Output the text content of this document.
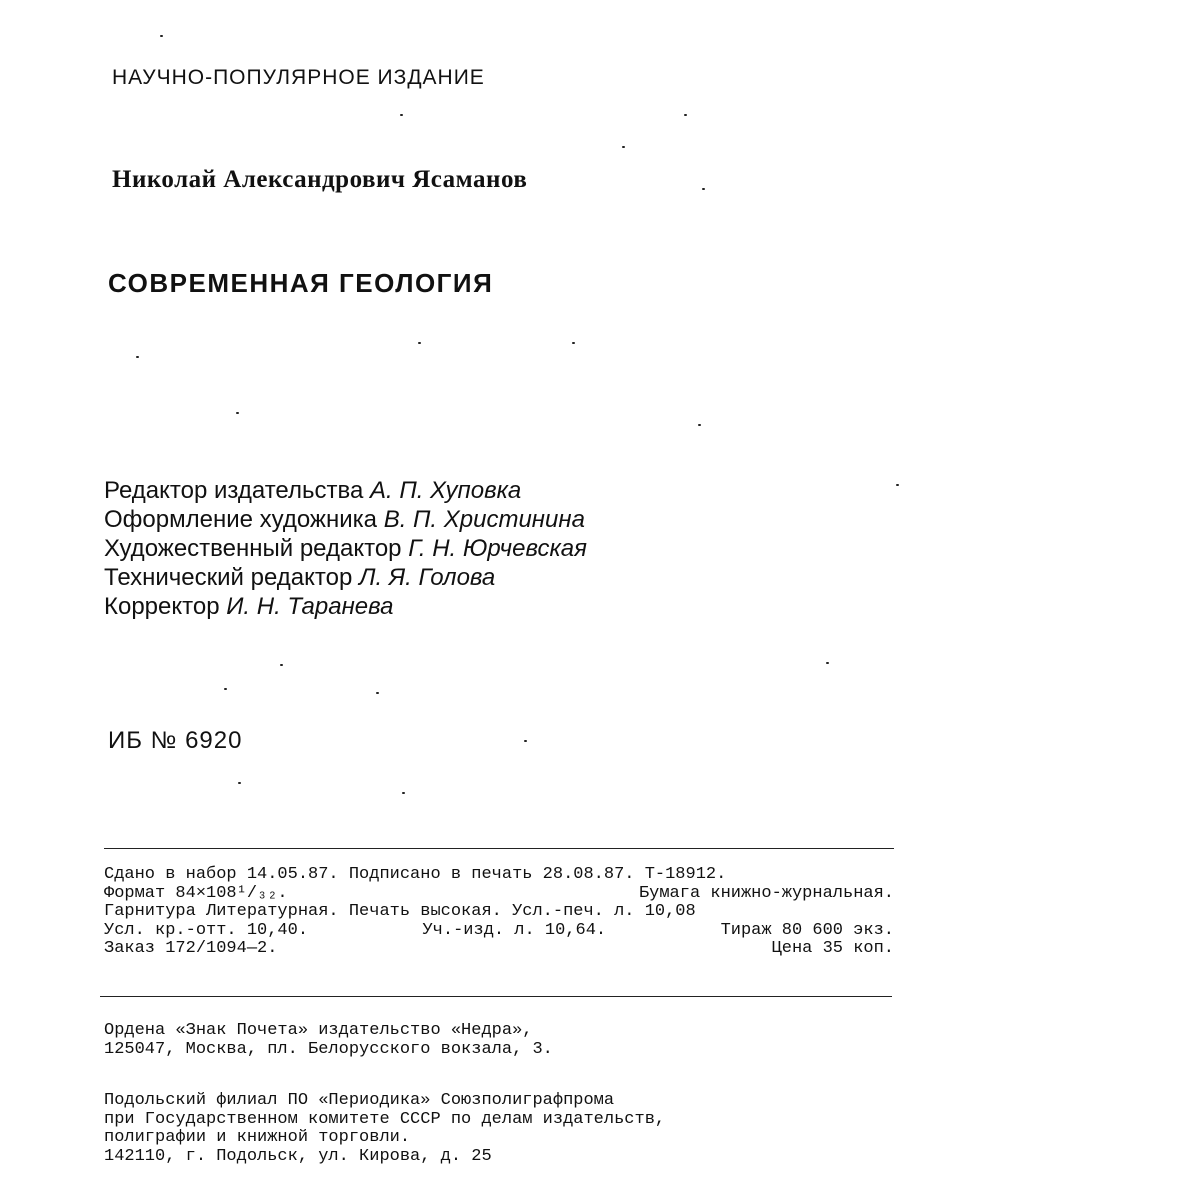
НАУЧНО-ПОПУЛЯРНОЕ ИЗДАНИЕ
Николай Александрович Ясаманов
СОВРЕМЕННАЯ ГЕОЛОГИЯ
Редактор издательства А. П. Хуповка
Оформление художника В. П. Христинина
Художественный редактор Г. Н. Юрчевская
Технический редактор Л. Я. Голова
Корректор И. Н. Таранева
ИБ № 6920
Сдано в набор 14.05.87. Подписано в печать 28.08.87. Т-18912.
Формат 84×108¹/₃₂.	Бумага книжно-журнальная.
Гарнитура Литературная. Печать высокая. Усл.-печ. л. 10,08
Усл. кр.-отт. 10,40.	Уч.-изд. л. 10,64.	Тираж 80 600 экз.
Заказ 172/1094—2.	Цена 35 коп.
Ордена «Знак Почета» издательство «Недра»,
125047, Москва, пл. Белорусского вокзала, 3.
Подольский филиал ПО «Периодика» Союзполиграфпрома
при Государственном комитете СССР по делам издательств,
полиграфии и книжной торговли.
142110, г. Подольск, ул. Кирова, д. 25
